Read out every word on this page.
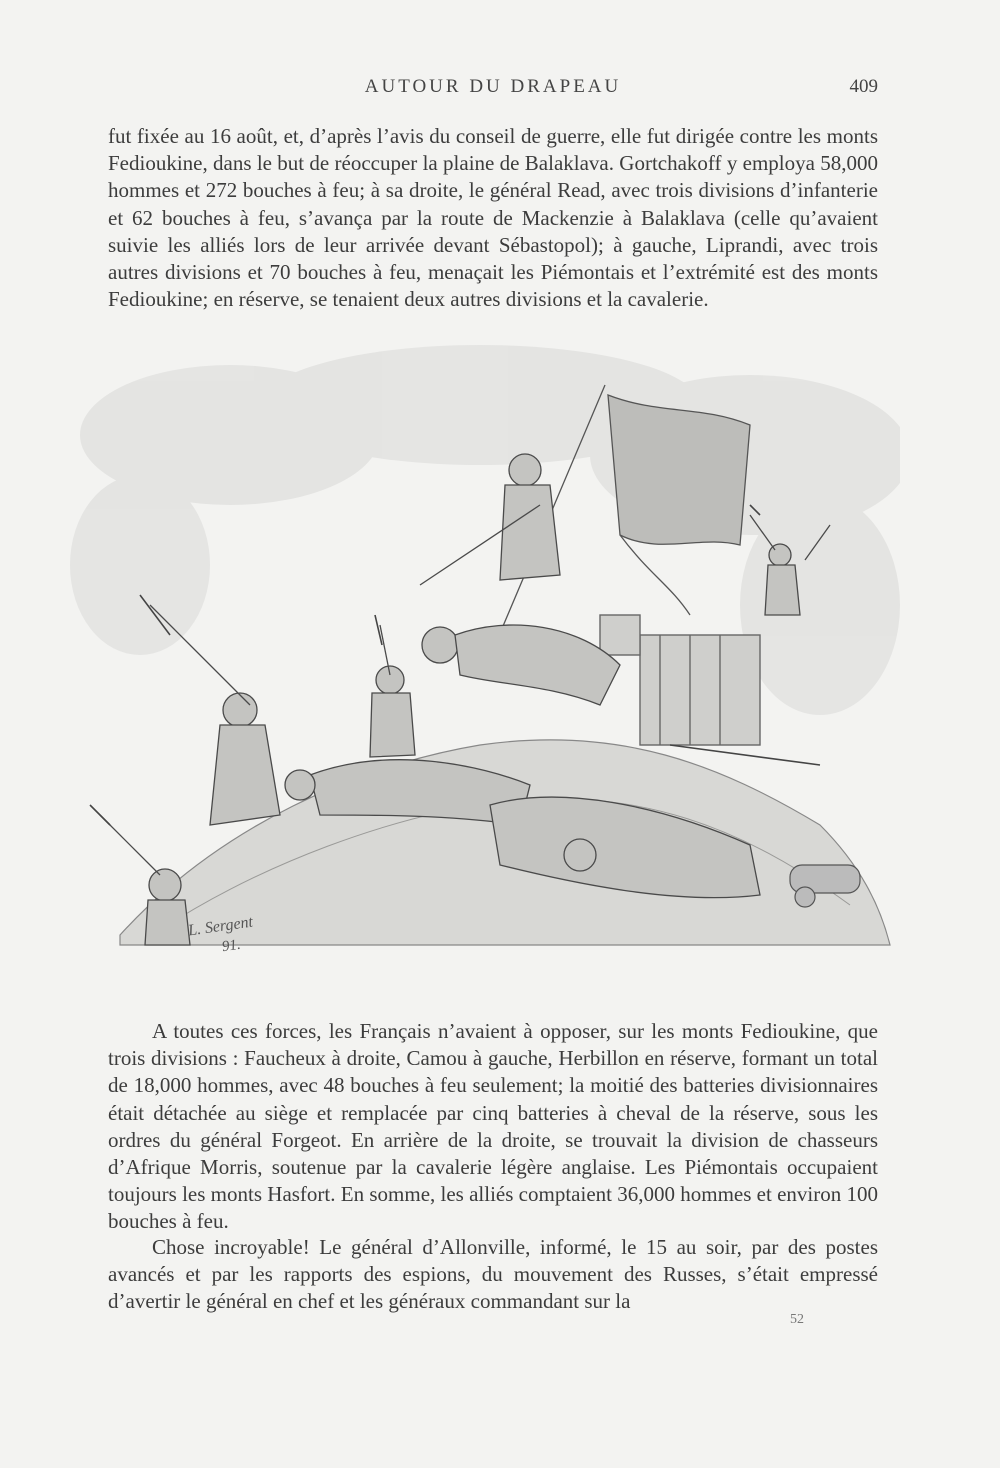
AUTOUR DU DRAPEAU	409

fut fixée au 16 août, et, d’après l’avis du conseil de guerre, elle fut dirigée contre les monts Fedioukine, dans le but de réoccuper la plaine de Balaklava. Gortchakoff y employa 58,000 hommes et 272 bouches à feu; à sa droite, le général Read, avec trois divisions d’infanterie et 62 bouches à feu, s’avança par la route de Mackenzie à Balaklava (celle qu’avaient suivie les alliés lors de leur arrivée devant Sébastopol); à gauche, Liprandi, avec trois autres divisions et 70 bouches à feu, menaçait les Piémontais et l’extrémité est des monts Fedioukine; en réserve, se tenaient deux autres divisions et la cavalerie.

L. Sergent
91.

A toutes ces forces, les Français n’avaient à opposer, sur les monts Fedioukine, que trois divisions : Faucheux à droite, Camou à gauche, Herbillon en réserve, formant un total de 18,000 hommes, avec 48 bouches à feu seulement; la moitié des batteries divisionnaires était détachée au siège et remplacée par cinq batteries à cheval de la réserve, sous les ordres du général Forgeot. En arrière de la droite, se trouvait la division de chasseurs d’Afrique Morris, soutenue par la cavalerie légère anglaise. Les Piémontais occupaient toujours les monts Hasfort. En somme, les alliés comptaient 36,000 hommes et environ 100 bouches à feu.

Chose incroyable! Le général d’Allonville, informé, le 15 au soir, par des postes avancés et par les rapports des espions, du mouvement des Russes, s’était empressé d’avertir le général en chef et les généraux commandant sur la

52
